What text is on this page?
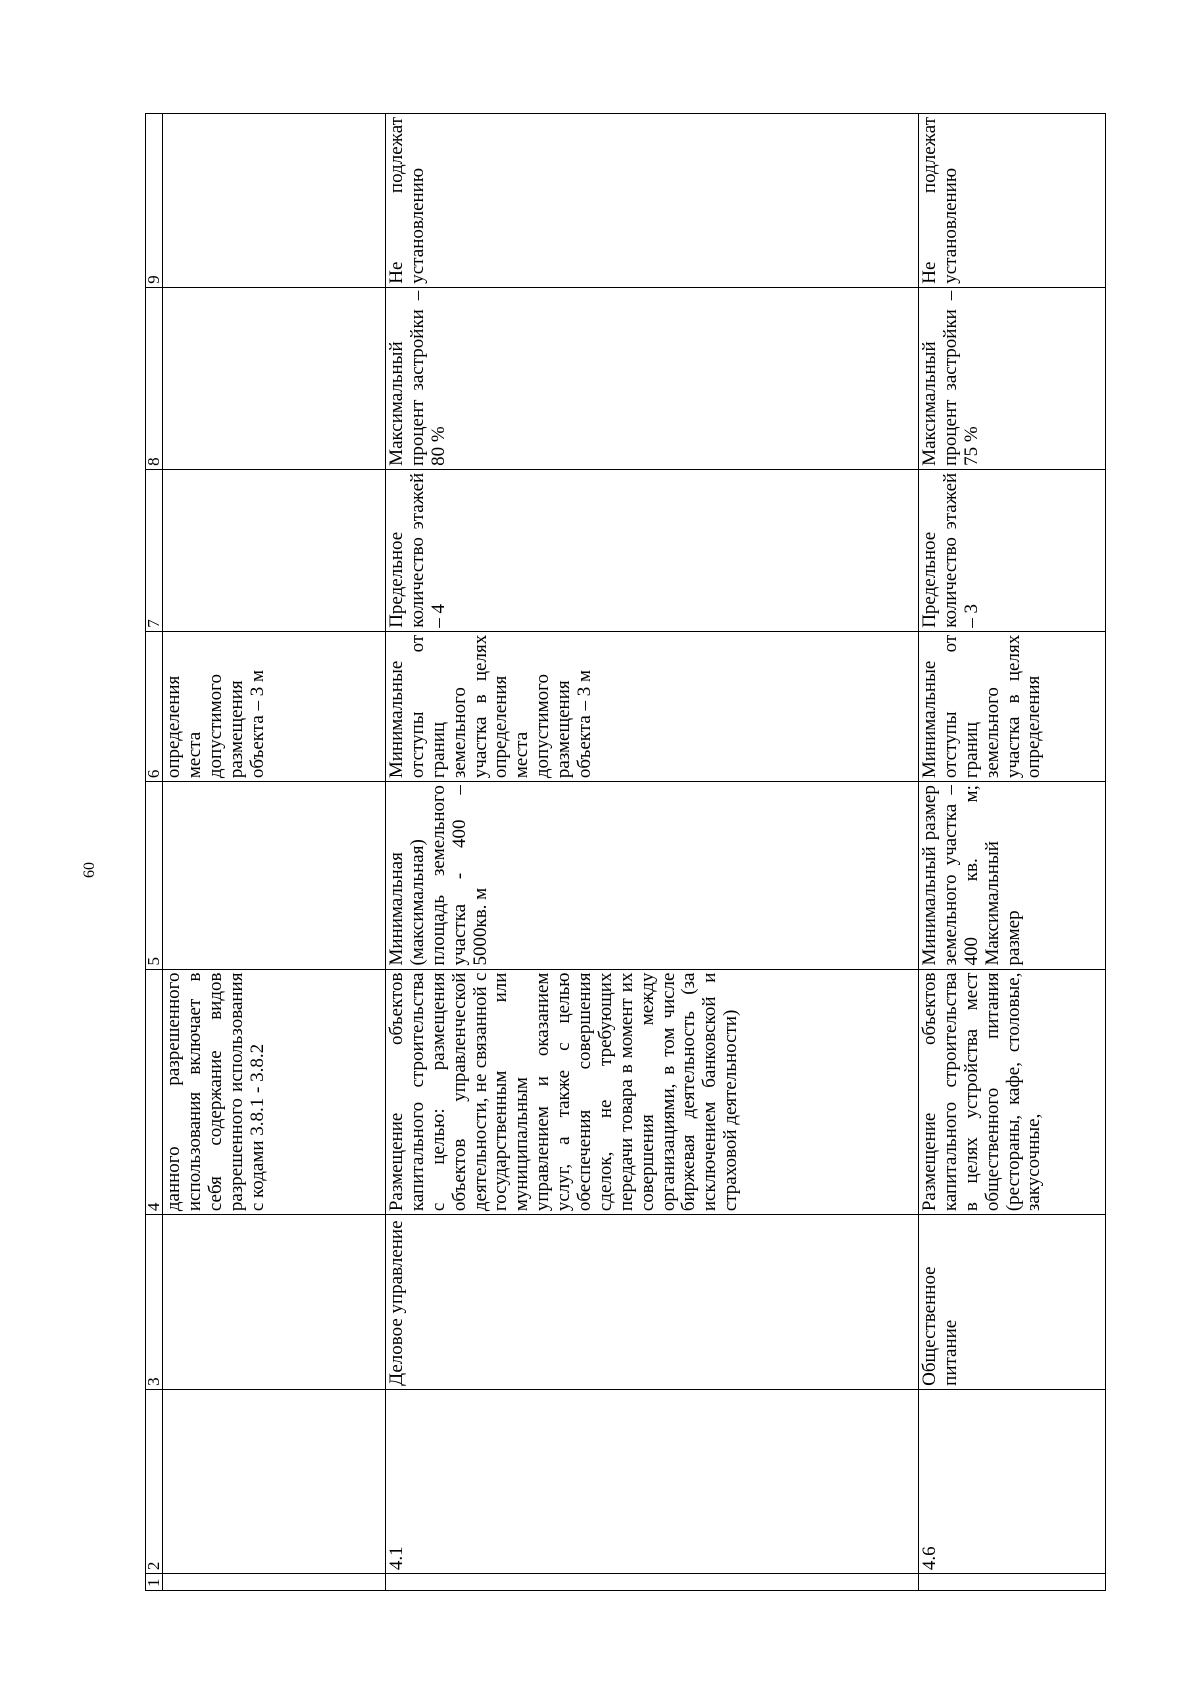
60
1	2	3	4	5	6	7	8	9
			данного разрешенного использования включает в себя содержание видов разрешенного использования с кодами 3.8.1 - 3.8.2		определения места допустимого размещения объекта – 3 м			
	4.1	Деловое управление	Размещение объектов капитального строительства с целью: размещения объектов управленческой деятельности, не связанной с государственным или муниципальным управлением и оказанием услуг, а также с целью обеспечения совершения сделок, не требующих передачи товара в момент их совершения между организациями, в том числе биржевая деятельность (за исключением банковской и страховой деятельности)	Минимальная (максимальная) площадь земельного участка - 400 – 5000кв. м	Минимальные отступы от границ земельного участка в целях определения места допустимого размещения объекта – 3 м	Предельное количество этажей – 4	Максимальный процент застройки –80 %	Не подлежат установлению
	4.6	Общественное питание	Размещение объектов капитального строительства в целях устройства мест общественного питания (рестораны, кафе, столовые, закусочные,	Минимальный размер земельного участка – 400 кв. м; Максимальный размер	Минимальные отступы от границ земельного участка в целях определения	Предельное количество этажей – 3	Максимальный процент застройки – 75 %	Не подлежат установлению
